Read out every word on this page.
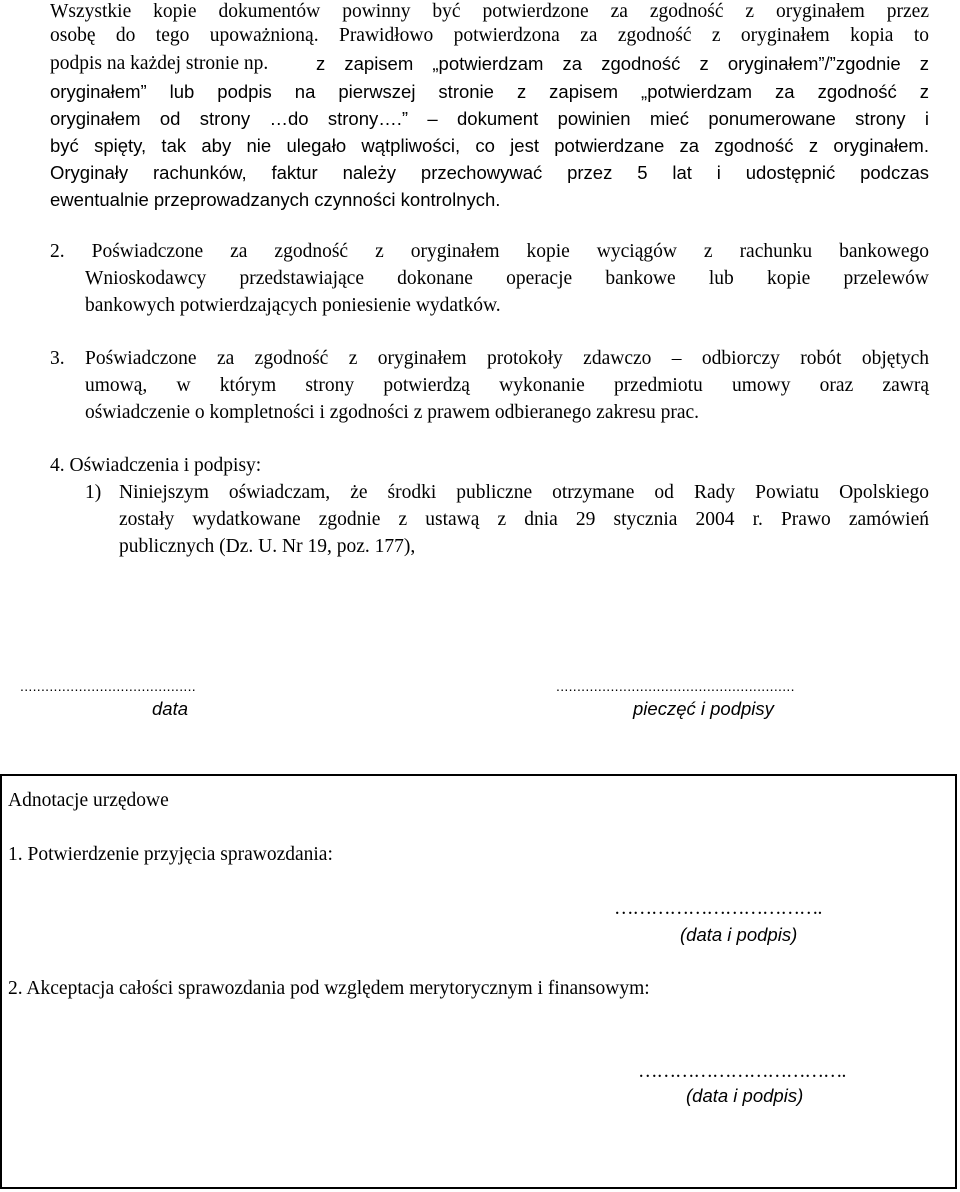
Wszystkie kopie dokumentów powinny być potwierdzone za zgodność z oryginałem przez
osobę do tego upoważnioną. Prawidłowo potwierdzona za zgodność z oryginałem kopia to
podpis na każdej stronie np.	z zapisem „potwierdzam za zgodność z oryginałem”/”zgodnie z
oryginałem” lub podpis na pierwszej stronie z zapisem „potwierdzam za zgodność z
oryginałem od strony …do strony….” – dokument powinien mieć ponumerowane strony i
być spięty, tak aby nie ulegało wątpliwości, co jest potwierdzane za zgodność z oryginałem.
Oryginały rachunków, faktur należy przechowywać przez 5 lat i udostępnić podczas
ewentualnie przeprowadzanych czynności kontrolnych.
2. Poświadczone za zgodność z oryginałem kopie wyciągów z rachunku bankowego
Wnioskodawcy przedstawiające dokonane operacje bankowe lub kopie przelewów
bankowych potwierdzających poniesienie wydatków.
3. Poświadczone za zgodność z oryginałem protokoły zdawczo – odbiorczy robót objętych
umową, w którym strony potwierdzą wykonanie przedmiotu umowy oraz zawrą
oświadczenie o kompletności i zgodności z prawem odbieranego zakresu prac.
4. Oświadczenia i podpisy:
1) Niniejszym oświadczam, że środki publiczne otrzymane od Rady Powiatu Opolskiego
zostały wydatkowane zgodnie z ustawą z dnia 29 stycznia 2004 r. Prawo zamówień
publicznych (Dz. U. Nr 19, poz. 177),
..........................................
data
.........................................................
pieczęć i podpisy
Adnotacje urzędowe
1. Potwierdzenie przyjęcia sprawozdania:
…………………………….
(data i podpis)
2. Akceptacja całości sprawozdania pod względem merytorycznym i finansowym:
…………………………….
(data i podpis)
